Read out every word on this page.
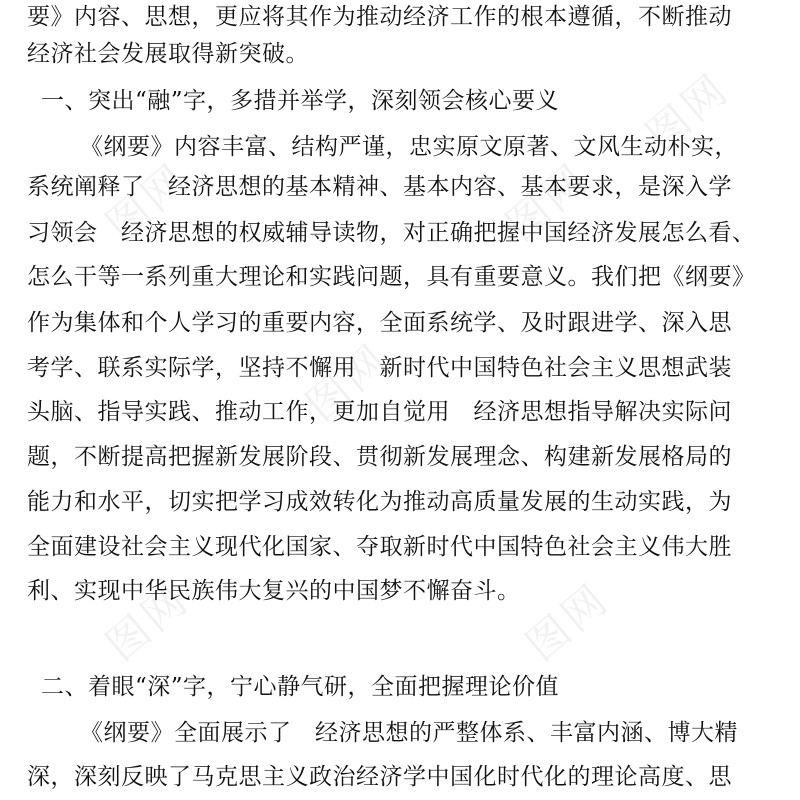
图网	图网
图网
图网	图网
图网
要》内容、思想，更应将其作为推动经济工作的根本遵循，不断推动
经济社会发展取得新突破。
一、突出“融”字，多措并举学，深刻领会核心要义
《纲要》内容丰富、结构严谨，忠实原文原著、文风生动朴实，
系统阐释了　经济思想的基本精神、基本内容、基本要求，是深入学
习领会　经济思想的权威辅导读物，对正确把握中国经济发展怎么看、
怎么干等一系列重大理论和实践问题，具有重要意义。我们把《纲要》
作为集体和个人学习的重要内容，全面系统学、及时跟进学、深入思
考学、联系实际学，坚持不懈用　新时代中国特色社会主义思想武装
头脑、指导实践、推动工作，更加自觉用　经济思想指导解决实际问
题，不断提高把握新发展阶段、贯彻新发展理念、构建新发展格局的
能力和水平，切实把学习成效转化为推动高质量发展的生动实践，为
全面建设社会主义现代化国家、夺取新时代中国特色社会主义伟大胜
利、实现中华民族伟大复兴的中国梦不懈奋斗。
二、着眼“深”字，宁心静气研，全面把握理论价值
《纲要》全面展示了　经济思想的严整体系、丰富内涵、博大精
深，深刻反映了马克思主义政治经济学中国化时代化的理论高度、思
